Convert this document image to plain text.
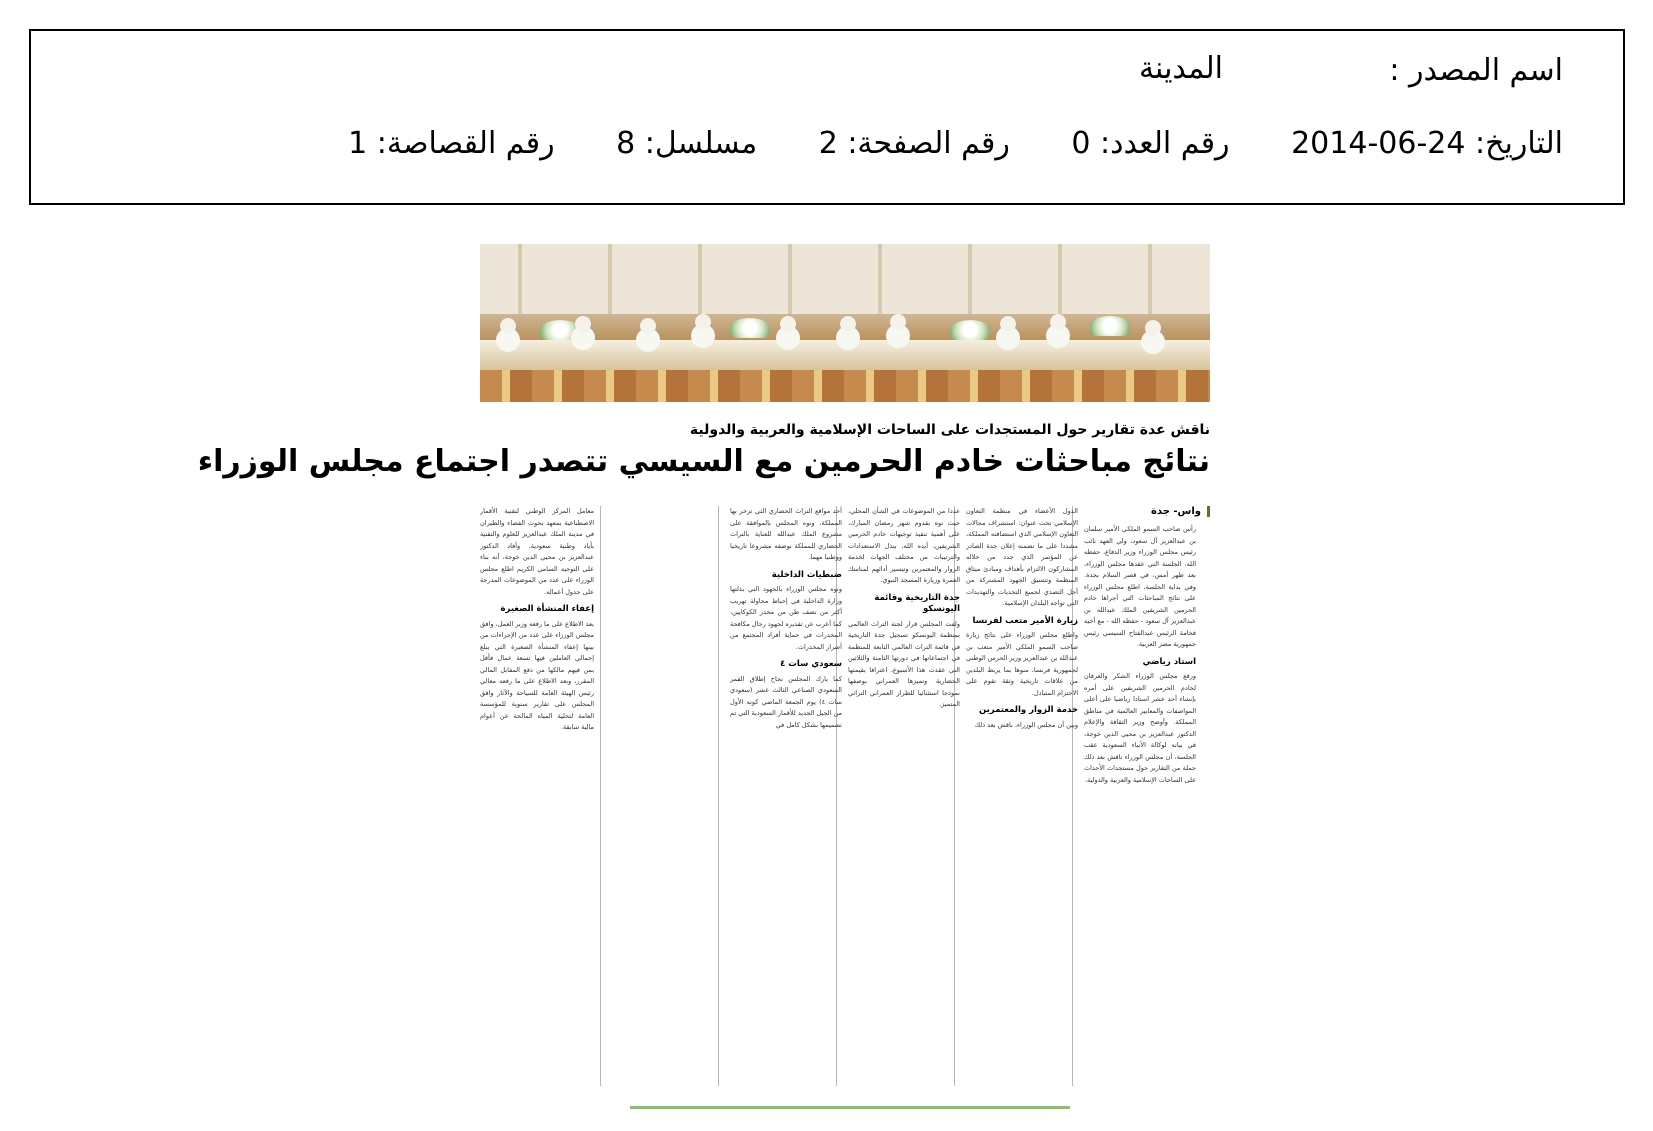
اسم المصدر :
المدينة
التاريخ: 24-06-2014 رقم العدد: 0 رقم الصفحة: 2 مسلسل: 8 رقم القصاصة: 1
ناقش عدة تقارير حول المستجدات على الساحات الإسلامية والعربية والدولية
نتائج مباحثات خادم الحرمين مع السيسي تتصدر اجتماع مجلس الوزراء
واس- جدة

رأس صاحب السمو الملكي الأمير سلمان بن عبدالعزيز آل سعود، ولي العهد نائب رئيس مجلس الوزراء وزير الدفاع، حفظه الله، الجلسة التي عقدها مجلس الوزراء، بعد ظهر أمس، في قصر السلام بجدة. وفي بداية الجلسة، اطلع مجلس الوزراء على نتائج المباحثات التي أجراها خادم الحرمين الشريفين الملك عبدالله بن عبدالعزيز آل سعود - حفظه الله - مع أخيه فخامة الرئيس عبدالفتاح السيسي رئيس جمهورية مصر العربية.

استاد رياضي

ورفع مجلس الوزراء الشكر والعرفان لخادم الحرمين الشريفين على أمره بإنشاء أحد عشر استادا رياضيا على أعلى المواصفات والمعايير العالمية في مناطق المملكة. وأوضح وزير الثقافة والإعلام الدكتور عبدالعزيز بن محيي الدين خوجة، في بيانه لوكالة الأنباء السعودية عقب الجلسة، أن مجلس الوزراء ناقش بعد ذلك جملة من التقارير حول مستجدات الأحداث على الساحات الإسلامية والعربية والدولية.

الدول الأعضاء في منظمة التعاون الإسلامي تحت عنوان: استشراف مجالات التعاون الإسلامي الذي استضافته المملكة، مشددا على ما تضمنه إعلان جدة الصادر عن المؤتمر الذي جدد من خلاله المشاركون الالتزام بأهداف ومبادئ ميثاق المنظمة وتنسيق الجهود المشتركة من أجل التصدي لجميع التحديات والتهديدات التي تواجه البلدان الإسلامية.

زيارة الأمير متعب لفرنسا

واطلع مجلس الوزراء على نتائج زيارة صاحب السمو الملكي الأمير متعب بن عبدالله بن عبدالعزيز وزير الحرس الوطني لجمهورية فرنسا، منوها بما يربط البلدين من علاقات تاريخية وثقة تقوم على الاحترام المتبادل.

خدمة الزوار والمعتمرين

وبين أن مجلس الوزراء، ناقش بعد ذلك

عددا من الموضوعات في الشأن المحلي، حيث نوه بقدوم شهر رمضان المبارك، على أهمية تنفيذ توجيهات خادم الحرمين الشريفين، أيده الله، ببذل الاستعدادات والترتيبات من مختلف الجهات لخدمة الزوار والمعتمرين وتيسير أدائهم لمناسك العمرة وزيارة المسجد النبوي.

جدة التاريخية وقائمة اليونسكو

ولفت المجلس قرار لجنة التراث العالمي بمنظمة اليونسكو تسجيل جدة التاريخية في قائمة التراث العالمي التابعة للمنظمة في اجتماعاتها في دورتها الثامنة والثلاثين التي عقدت هذا الأسبوع، اعترافا بقيمتها الحضارية وتميزها العمراني بوصفها نموذجا استثنائيا للطراز العمراني التراثي المتميز.

أحد مواقع التراث الحضاري التي تزخر بها المملكة، ونوه المجلس بالموافقة على مشروع الملك عبدالله للعناية بالتراث الحضاري للمملكة بوصفه مشروعا تاريخيا ووطنيا مهما.

ضبطيات الداخلية

ونوه مجلس الوزراء بالجهود التي بذلتها وزارة الداخلية في إحباط محاولة تهريب أكثر من نصف طن من مخدر الكوكايين، كما أعرب عن تقديره لجهود رجال مكافحة المخدرات في حماية أفراد المجتمع من أضرار المخدرات.

سعودي سات ٤

كما بارك المجلس نجاح إطلاق القمر السعودي الصناعي الثالث عشر (سعودي سات ٤) يوم الجمعة الماضي كونه الأول من الجيل الجديد للأقمار السعودية التي تم تصميمها بشكل كامل في

معامل المركز الوطني لتقنية الأقمار الاصطناعية بمعهد بحوث الفضاء والطيران في مدينة الملك عبدالعزيز للعلوم والتقنية بأياد وطنية سعودية. وأفاد الدكتور عبدالعزيز بن محيي الدين خوجة، أنه بناء على التوجيه السامي الكريم اطلع مجلس الوزراء على عدد من الموضوعات المدرجة على جدول أعماله.

إعفاء المنشأة الصغيرة

بعد الاطلاع على ما رفعه وزير العمل، وافق مجلس الوزراء على عدد من الإجراءات من بينها إعفاء المنشأة الصغيرة التي يبلغ إجمالي العاملين فيها تسعة عمال فأقل بمن فيهم مالكها من دفع المقابل المالي المقرر، وبعد الاطلاع على ما رفعه معالي رئيس الهيئة العامة للسياحة والآثار وافق المجلس على تقارير سنوية للمؤسسة العامة لتحلية المياه المالحة عن أعوام مالية سابقة.
